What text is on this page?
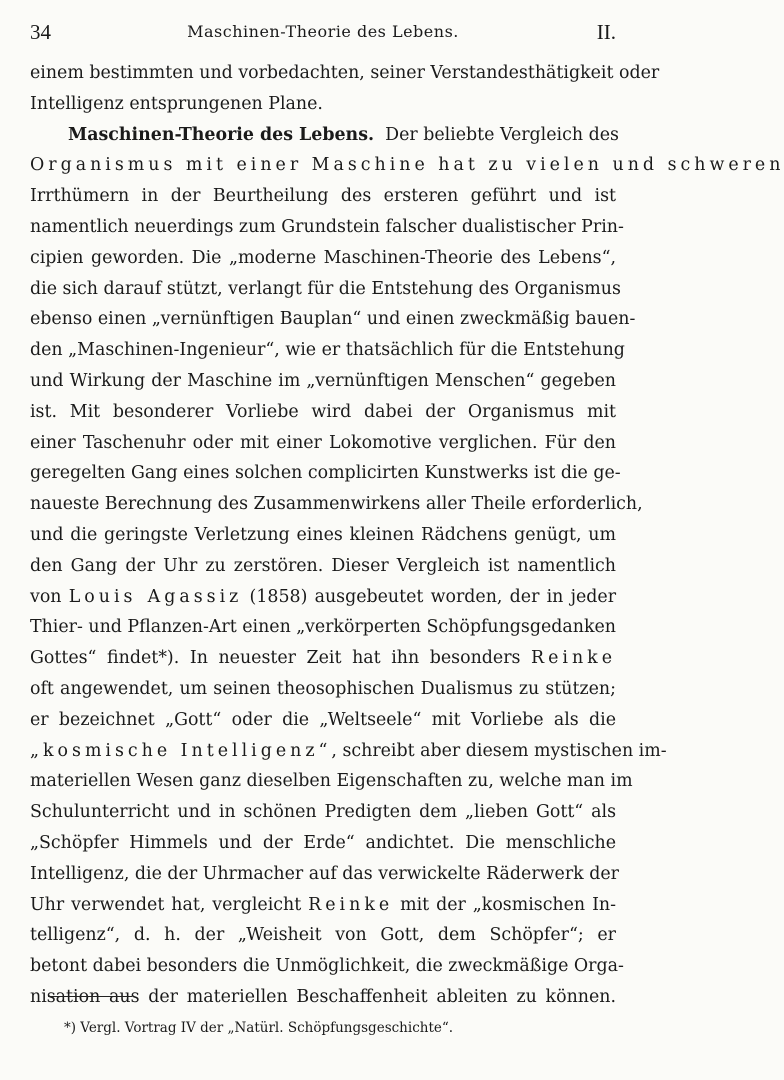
34	Maschinen-Theorie des Lebens.	II.
einem bestimmten und vorbedachten, seiner Verstandesthätigkeit oder
Intelligenz entsprungenen Plane.
Maschinen-Theorie des Lebens. Der beliebte Vergleich des
Organismus mit einer Maschine hat zu vielen und schweren
Irrthümern in der Beurtheilung des ersteren geführt und ist
namentlich neuerdings zum Grundstein falscher dualistischer Prin-
cipien geworden. Die „moderne Maschinen-Theorie des Lebens“,
die sich darauf stützt, verlangt für die Entstehung des Organismus
ebenso einen „vernünftigen Bauplan“ und einen zweckmäßig bauen-
den „Maschinen-Ingenieur“, wie er thatsächlich für die Entstehung
und Wirkung der Maschine im „vernünftigen Menschen“ gegeben
ist. Mit besonderer Vorliebe wird dabei der Organismus mit
einer Taschenuhr oder mit einer Lokomotive verglichen. Für den
geregelten Gang eines solchen complicirten Kunstwerks ist die ge-
naueste Berechnung des Zusammenwirkens aller Theile erforderlich,
und die geringste Verletzung eines kleinen Rädchens genügt, um
den Gang der Uhr zu zerstören. Dieser Vergleich ist namentlich
von Louis Agassiz (1858) ausgebeutet worden, der in jeder
Thier- und Pflanzen-Art einen „verkörperten Schöpfungsgedanken
Gottes“ findet*). In neuester Zeit hat ihn besonders Reinke
oft angewendet, um seinen theosophischen Dualismus zu stützen;
er bezeichnet „Gott“ oder die „Weltseele“ mit Vorliebe als die
„kosmische Intelligenz“, schreibt aber diesem mystischen im-
materiellen Wesen ganz dieselben Eigenschaften zu, welche man im
Schulunterricht und in schönen Predigten dem „lieben Gott“ als
„Schöpfer Himmels und der Erde“ andichtet. Die menschliche
Intelligenz, die der Uhrmacher auf das verwickelte Räderwerk der
Uhr verwendet hat, vergleicht Reinke mit der „kosmischen In-
telligenz“, d. h. der „Weisheit von Gott, dem Schöpfer“; er
betont dabei besonders die Unmöglichkeit, die zweckmäßige Orga-
nisation aus der materiellen Beschaffenheit ableiten zu können.
*) Vergl. Vortrag IV der „Natürl. Schöpfungsgeschichte“.
